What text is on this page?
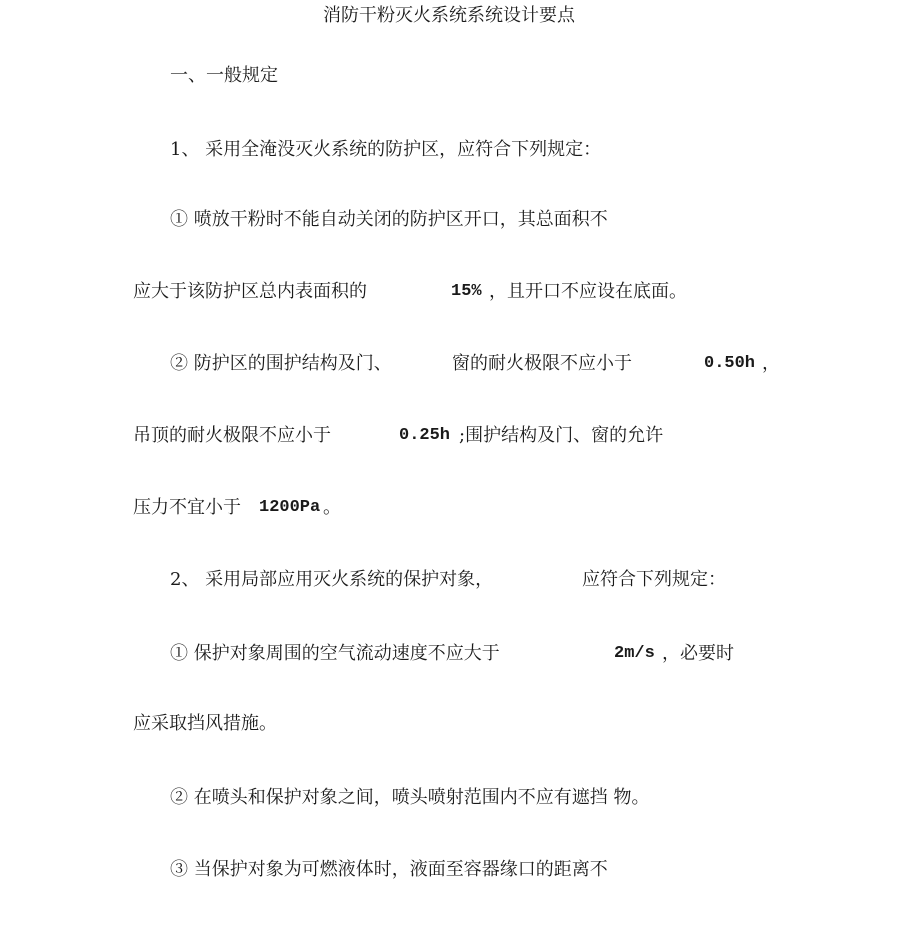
消防干粉灭火系统系统设计要点
一、一般规定
1、 采用全淹没灭火系统的防护区，应符合下列规定：
① 喷放干粉时不能自动关闭的防护区开口，其总面积不
应大于该防护区总内表面积的	15% ，且开口不应设在底面。
② 防护区的围护结构及门、	窗的耐火极限不应小于	0.50h ，
吊顶的耐火极限不应小于	0.25h ;围护结构及门、窗的允许
压力不宜小于 1200Pa 。
2、 采用局部应用灭火系统的保护对象，	应符合下列规定：
① 保护对象周围的空气流动速度不应大于	2m/s ，必要时
应采取挡风措施。
② 在喷头和保护对象之间，喷头喷射范围内不应有遮挡 物。
③ 当保护对象为可燃液体时，液面至容器缘口的距离不
